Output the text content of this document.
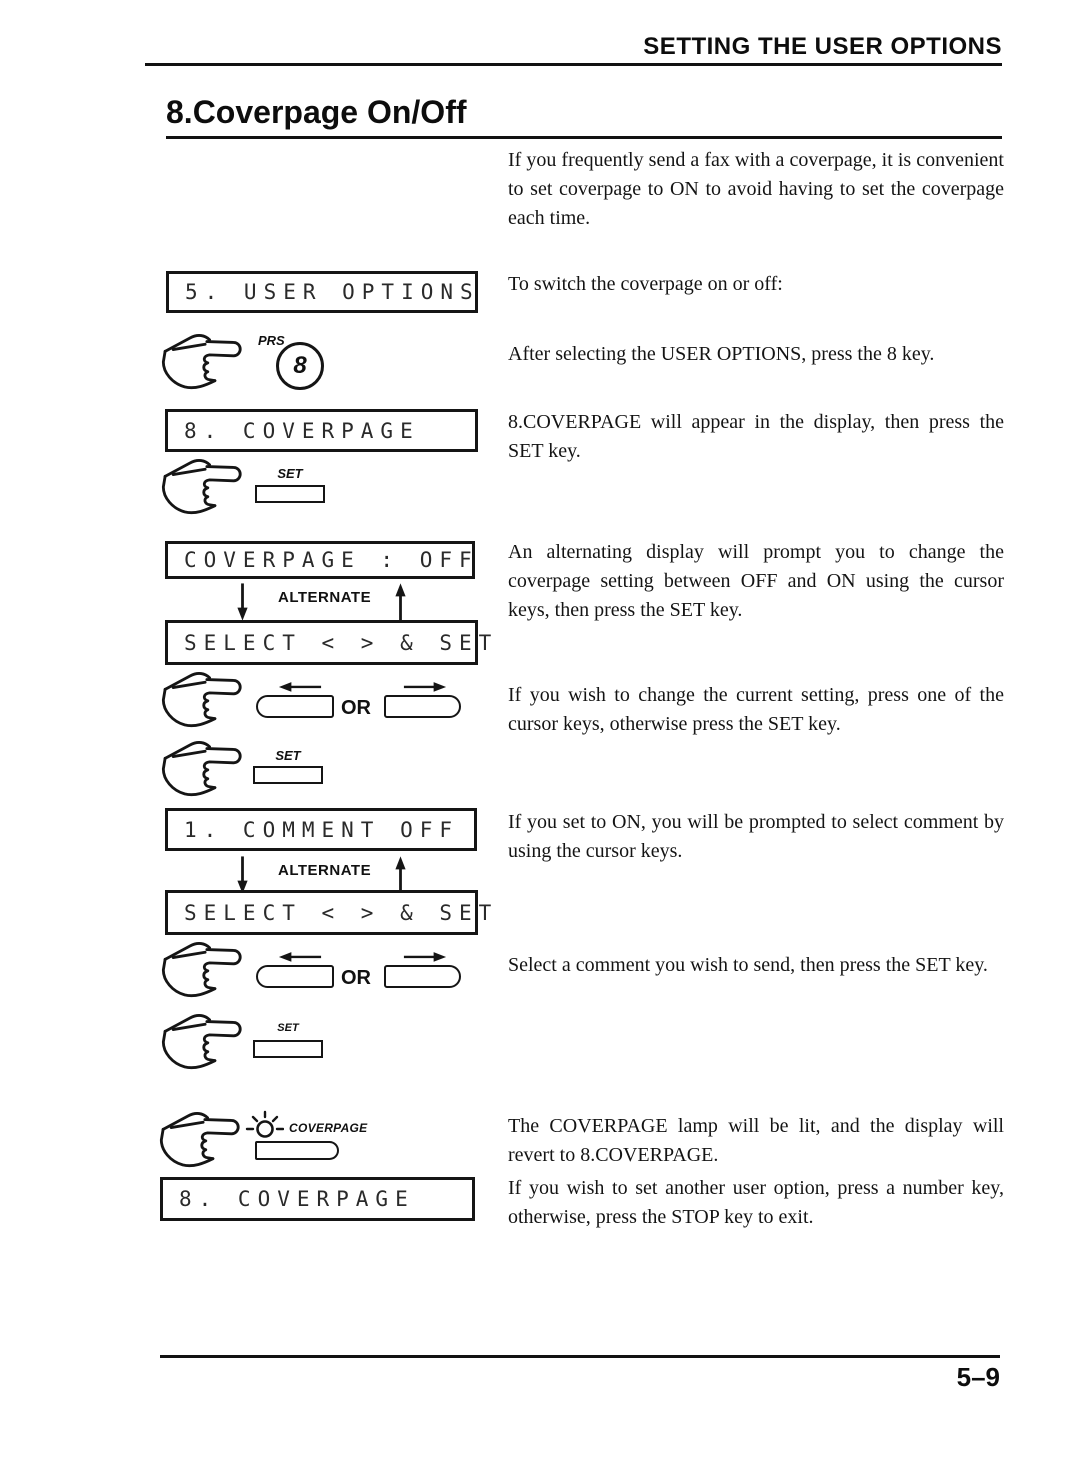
SETTING THE USER OPTIONS
8.Coverpage On/Off
5. USER OPTIONS
PRS
8
8. COVERPAGE
SET
COVERPAGE : OFF
ALTERNATE
SELECT < > & SET
OR
SET
1. COMMENT OFF
ALTERNATE
SELECT < > & SET
OR
SET
COVERPAGE
8. COVERPAGE

If you frequently send a fax with a coverpage, it is convenient to set coverpage to ON to avoid having to set the coverpage each time.

To switch the coverpage on or off:

After selecting the USER OPTIONS, press the 8 key.

8.COVERPAGE will appear in the display, then press the SET key.

An alternating display will prompt you to change the coverpage setting between OFF and ON using the cursor keys, then press the SET key.

If you wish to change the current setting, press one of the cursor keys, otherwise press the SET key.

If you set to ON, you will be prompted to select comment by using the cursor keys.

Select a comment you wish to send, then press the SET key.

The COVERPAGE lamp will be lit, and the display will revert to 8.COVERPAGE.

If you wish to set another user option, press a number key, otherwise, press the STOP key to exit.

5–9
